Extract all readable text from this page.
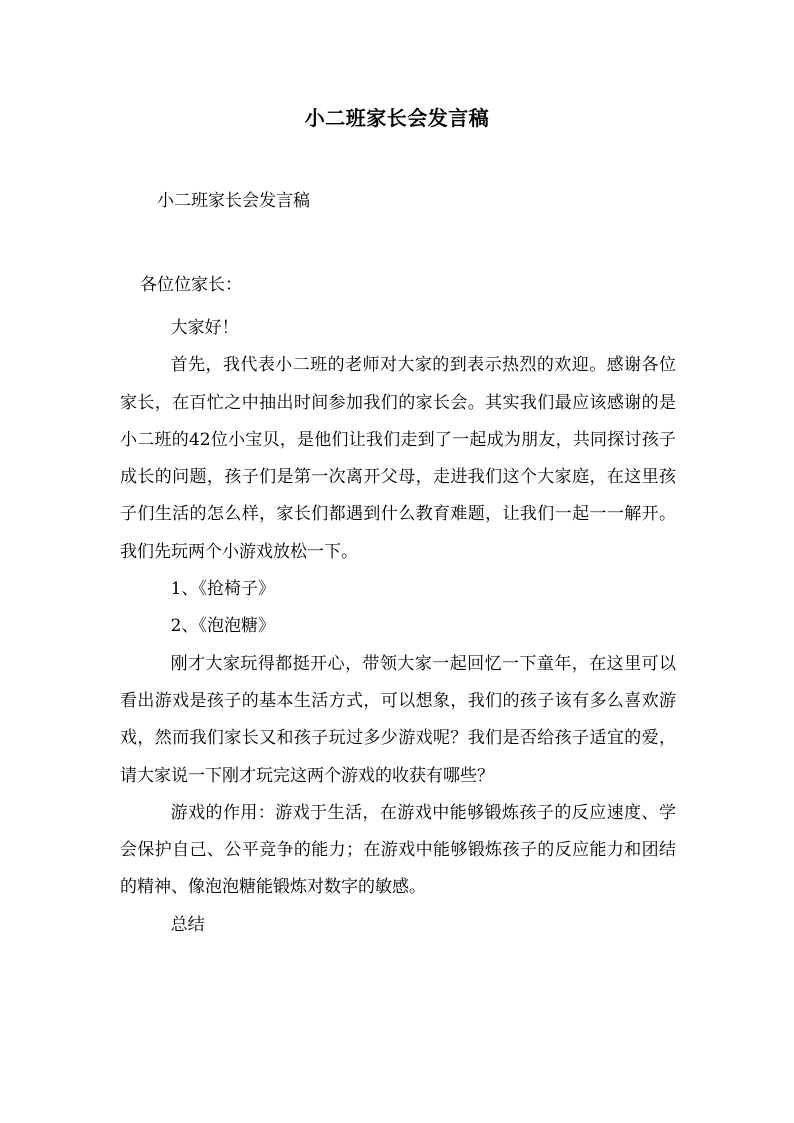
小二班家长会发言稿
小二班家长会发言稿
各位位家长：

大家好！

首先，我代表小二班的老师对大家的到表示热烈的欢迎。感谢各位家长，在百忙之中抽出时间参加我们的家长会。其实我们最应该感谢的是小二班的42位小宝贝，是他们让我们走到了一起成为朋友，共同探讨孩子成长的问题，孩子们是第一次离开父母，走进我们这个大家庭，在这里孩子们生活的怎么样，家长们都遇到什么教育难题，让我们一起一一解开。我们先玩两个小游戏放松一下。

1、《抢椅子》

2、《泡泡糖》

刚才大家玩得都挺开心，带领大家一起回忆一下童年，在这里可以看出游戏是孩子的基本生活方式，可以想象，我们的孩子该有多么喜欢游戏，然而我们家长又和孩子玩过多少游戏呢？我们是否给孩子适宜的爱，请大家说一下刚才玩完这两个游戏的收获有哪些？

游戏的作用：游戏于生活，在游戏中能够锻炼孩子的反应速度、学会保护自己、公平竞争的能力；在游戏中能够锻炼孩子的反应能力和团结的精神、像泡泡糖能锻炼对数字的敏感。

总结
